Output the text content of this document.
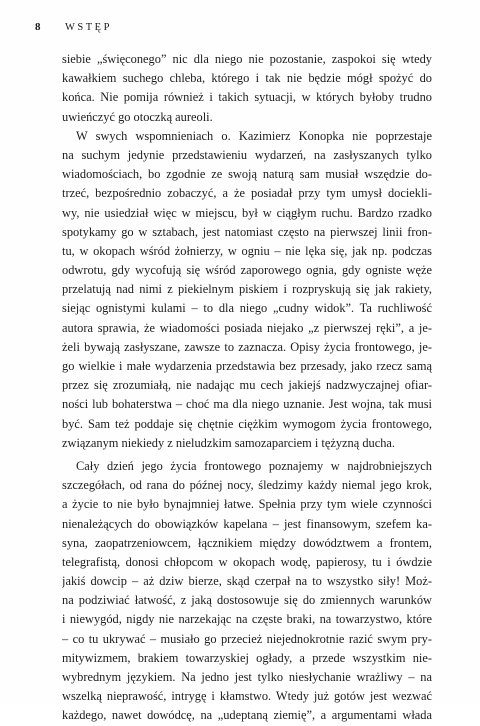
8	WSTĘP
siebie „święconego” nic dla niego nie pozostanie, zaspokoi się wtedy
kawałkiem suchego chleba, którego i tak nie będzie mógł spożyć do
końca. Nie pomija również i takich sytuacji, w których byłoby trudno
uwieńczyć go otoczką aureoli.
W swych wspomnieniach o. Kazimierz Konopka nie poprzestaje
na suchym jedynie przedstawieniu wydarzeń, na zasłyszanych tylko
wiadomościach, bo zgodnie ze swoją naturą sam musiał wszędzie do-
trzeć, bezpośrednio zobaczyć, a że posiadał przy tym umysł docieklі-
wy, nie usiedział więc w miejscu, był w ciągłym ruchu. Bardzo rzadko
spotykamy go w sztabach, jest natomiast często na pierwszej linii fron-
tu, w okopach wśród żołnierzy, w ogniu – nie lęka się, jak np. podczas
odwrotu, gdy wycofują się wśród zaporowego ognia, gdy ogniste węże
przelatują nad nimi z piekielnym piskiem i rozpryskują się jak rakiety,
siejąc ognistymi kulami – to dla niego „cudny widok”. Ta ruchliwość
autora sprawia, że wiadomości posiada niejako „z pierwszej ręki”, a je-
żeli bywają zasłyszane, zawsze to zaznacza. Opisy życia frontowego, je-
go wielkie i małe wydarzenia przedstawia bez przesady, jako rzecz samą
przez się zrozumiałą, nie nadając mu cech jakiejś nadzwyczajnej ofiar-
ności lub bohaterstwa – choć ma dla niego uznanie. Jest wojna, tak musi
być. Sam też poddaje się chętnie ciężkim wymogom życia frontowego,
związanym niekiedy z nieludzkim samozaparciem i tężyzną ducha.
Cały dzień jego życia frontowego poznajemy w najdrobniejszych
szczegółach, od rana do późnej nocy, śledzimy każdy niemal jego krok,
a życie to nie było bynajmniej łatwe. Spełnia przy tym wiele czynności
nienależących do obowiązków kapelana – jest finansowym, szefem ka-
syna, zaopatrzeniowcem, łącznikiem między dowództwem a frontem,
telegrafistą, donosi chłopcom w okopach wodę, papierosy, tu i ówdzie
jakiś dowcip – aż dziw bierze, skąd czerpał na to wszystko siły! Moż-
na podziwiać łatwość, z jaką dostosowuje się do zmiennych warunków
i niewygód, nigdy nie narzekając na częste braki, na towarzystwo, które
– co tu ukrywać – musiało go przecież niejednokrotnie razić swym pry-
mitywizmem, brakiem towarzyskiej ogłady, a przede wszystkim nie-
wybrednym językiem. Na jedno jest tylko niesłychanie wrażliwy – na
wszelką nieprawość, intrygę i kłamstwo. Wtedy już gotów jest wezwać
każdego, nawet dowódcę, na „udeptaną ziemię”, a argumentami władа
